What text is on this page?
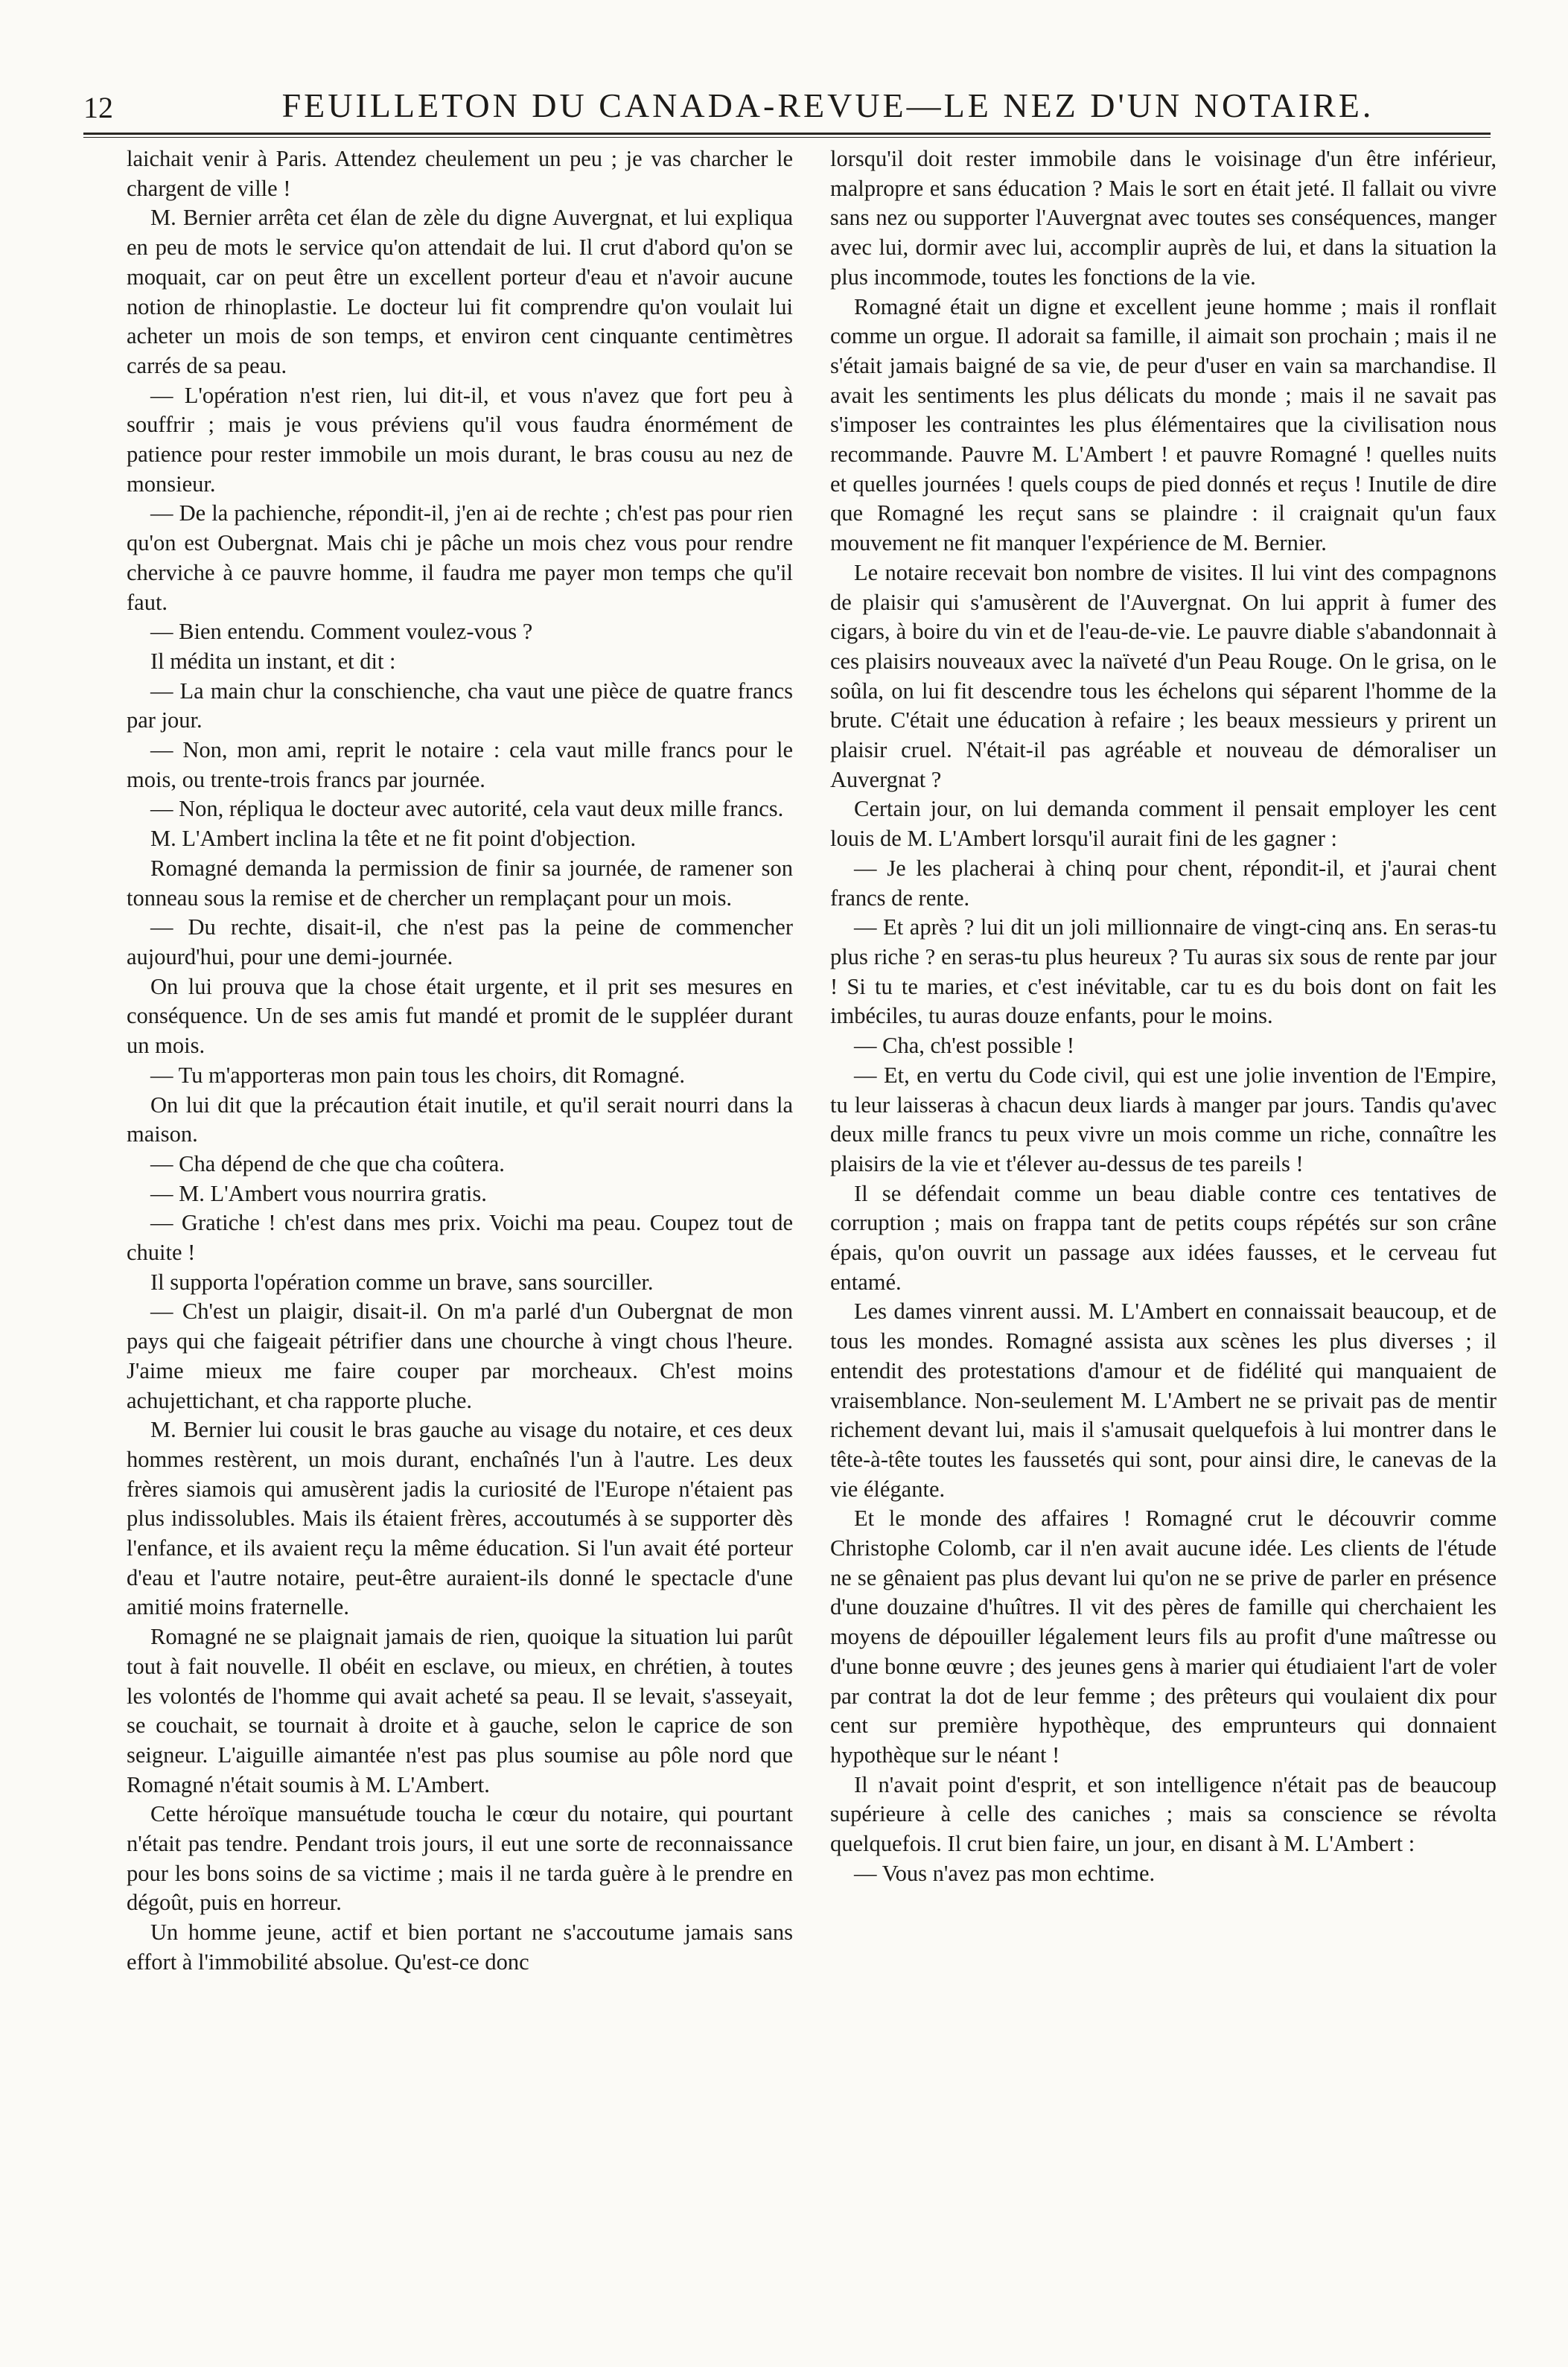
12	FEUILLETON DU CANADA-REVUE—LE NEZ D'UN NOTAIRE.

laichait venir à Paris. Attendez cheulement un peu ; je vas charcher le chargent de ville !

M. Bernier arrêta cet élan de zèle du digne Auvergnat, et lui expliqua en peu de mots le service qu'on attendait de lui. Il crut d'abord qu'on se moquait, car on peut être un excellent porteur d'eau et n'avoir aucune notion de rhinoplastie. Le docteur lui fit comprendre qu'on voulait lui acheter un mois de son temps, et environ cent cinquante centimètres carrés de sa peau.

— L'opération n'est rien, lui dit-il, et vous n'avez que fort peu à souffrir ; mais je vous préviens qu'il vous faudra énormément de patience pour rester immobile un mois durant, le bras cousu au nez de monsieur.

— De la pachienche, répondit-il, j'en ai de rechte ; ch'est pas pour rien qu'on est Oubergnat. Mais chi je pâche un mois chez vous pour rendre cherviche à ce pauvre homme, il faudra me payer mon temps che qu'il faut.

— Bien entendu. Comment voulez-vous ?

Il médita un instant, et dit :

— La main chur la conschienche, cha vaut une pièce de quatre francs par jour.

— Non, mon ami, reprit le notaire : cela vaut mille francs pour le mois, ou trente-trois francs par journée.

— Non, répliqua le docteur avec autorité, cela vaut deux mille francs.

M. L'Ambert inclina la tête et ne fit point d'objection.

Romagné demanda la permission de finir sa journée, de ramener son tonneau sous la remise et de chercher un remplaçant pour un mois.

— Du rechte, disait-il, che n'est pas la peine de commencher aujourd'hui, pour une demi-journée.

On lui prouva que la chose était urgente, et il prit ses mesures en conséquence. Un de ses amis fut mandé et promit de le suppléer durant un mois.

— Tu m'apporteras mon pain tous les choirs, dit Romagné.

On lui dit que la précaution était inutile, et qu'il serait nourri dans la maison.

— Cha dépend de che que cha coûtera.

— M. L'Ambert vous nourrira gratis.

— Gratiche ! ch'est dans mes prix. Voichi ma peau. Coupez tout de chuite !

Il supporta l'opération comme un brave, sans sourciller.

— Ch'est un plaigir, disait-il. On m'a parlé d'un Oubergnat de mon pays qui che faigeait pétrifier dans une chourche à vingt chous l'heure. J'aime mieux me faire couper par morcheaux. Ch'est moins achujettichant, et cha rapporte pluche.

M. Bernier lui cousit le bras gauche au visage du notaire, et ces deux hommes restèrent, un mois durant, enchaînés l'un à l'autre. Les deux frères siamois qui amusèrent jadis la curiosité de l'Europe n'étaient pas plus indissolubles. Mais ils étaient frères, accoutumés à se supporter dès l'enfance, et ils avaient reçu la même éducation. Si l'un avait été porteur d'eau et l'autre notaire, peut-être auraient-ils donné le spectacle d'une amitié moins fraternelle.

Romagné ne se plaignait jamais de rien, quoique la situation lui parût tout à fait nouvelle. Il obéit en esclave, ou mieux, en chrétien, à toutes les volontés de l'homme qui avait acheté sa peau. Il se levait, s'asseyait, se couchait, se tournait à droite et à gauche, selon le caprice de son seigneur. L'aiguille aimantée n'est pas plus soumise au pôle nord que Romagné n'était soumis à M. L'Ambert.

Cette héroïque mansuétude toucha le cœur du notaire, qui pourtant n'était pas tendre. Pendant trois jours, il eut une sorte de reconnaissance pour les bons soins de sa victime ; mais il ne tarda guère à le prendre en dégoût, puis en horreur.

Un homme jeune, actif et bien portant ne s'accoutume jamais sans effort à l'immobilité absolue. Qu'est-ce donc

lorsqu'il doit rester immobile dans le voisinage d'un être inférieur, malpropre et sans éducation ? Mais le sort en était jeté. Il fallait ou vivre sans nez ou supporter l'Auvergnat avec toutes ses conséquences, manger avec lui, dormir avec lui, accomplir auprès de lui, et dans la situation la plus incommode, toutes les fonctions de la vie.

Romagné était un digne et excellent jeune homme ; mais il ronflait comme un orgue. Il adorait sa famille, il aimait son prochain ; mais il ne s'était jamais baigné de sa vie, de peur d'user en vain sa marchandise. Il avait les sentiments les plus délicats du monde ; mais il ne savait pas s'imposer les contraintes les plus élémentaires que la civilisation nous recommande. Pauvre M. L'Ambert ! et pauvre Romagné ! quelles nuits et quelles journées ! quels coups de pied donnés et reçus ! Inutile de dire que Romagné les reçut sans se plaindre : il craignait qu'un faux mouvement ne fit manquer l'expérience de M. Bernier.

Le notaire recevait bon nombre de visites. Il lui vint des compagnons de plaisir qui s'amusèrent de l'Auvergnat. On lui apprit à fumer des cigars, à boire du vin et de l'eau-de-vie. Le pauvre diable s'abandonnait à ces plaisirs nouveaux avec la naïveté d'un Peau Rouge. On le grisa, on le soûla, on lui fit descendre tous les échelons qui séparent l'homme de la brute. C'était une éducation à refaire ; les beaux messieurs y prirent un plaisir cruel. N'était-il pas agréable et nouveau de démoraliser un Auvergnat ?

Certain jour, on lui demanda comment il pensait employer les cent louis de M. L'Ambert lorsqu'il aurait fini de les gagner :

— Je les placherai à chinq pour chent, répondit-il, et j'aurai chent francs de rente.

— Et après ? lui dit un joli millionnaire de vingt-cinq ans. En seras-tu plus riche ? en seras-tu plus heureux ? Tu auras six sous de rente par jour ! Si tu te maries, et c'est inévitable, car tu es du bois dont on fait les imbéciles, tu auras douze enfants, pour le moins.

— Cha, ch'est possible !

— Et, en vertu du Code civil, qui est une jolie invention de l'Empire, tu leur laisseras à chacun deux liards à manger par jours. Tandis qu'avec deux mille francs tu peux vivre un mois comme un riche, connaître les plaisirs de la vie et t'élever au-dessus de tes pareils !

Il se défendait comme un beau diable contre ces tentatives de corruption ; mais on frappa tant de petits coups répétés sur son crâne épais, qu'on ouvrit un passage aux idées fausses, et le cerveau fut entamé.

Les dames vinrent aussi. M. L'Ambert en connaissait beaucoup, et de tous les mondes. Romagné assista aux scènes les plus diverses ; il entendit des protestations d'amour et de fidélité qui manquaient de vraisemblance. Non-seulement M. L'Ambert ne se privait pas de mentir richement devant lui, mais il s'amusait quelquefois à lui montrer dans le tête-à-tête toutes les faussetés qui sont, pour ainsi dire, le canevas de la vie élégante.

Et le monde des affaires ! Romagné crut le découvrir comme Christophe Colomb, car il n'en avait aucune idée. Les clients de l'étude ne se gênaient pas plus devant lui qu'on ne se prive de parler en présence d'une douzaine d'huîtres. Il vit des pères de famille qui cherchaient les moyens de dépouiller légalement leurs fils au profit d'une maîtresse ou d'une bonne œuvre ; des jeunes gens à marier qui étudiaient l'art de voler par contrat la dot de leur femme ; des prêteurs qui voulaient dix pour cent sur première hypothèque, des emprunteurs qui donnaient hypothèque sur le néant !

Il n'avait point d'esprit, et son intelligence n'était pas de beaucoup supérieure à celle des caniches ; mais sa conscience se révolta quelquefois. Il crut bien faire, un jour, en disant à M. L'Ambert :

— Vous n'avez pas mon echtime.
